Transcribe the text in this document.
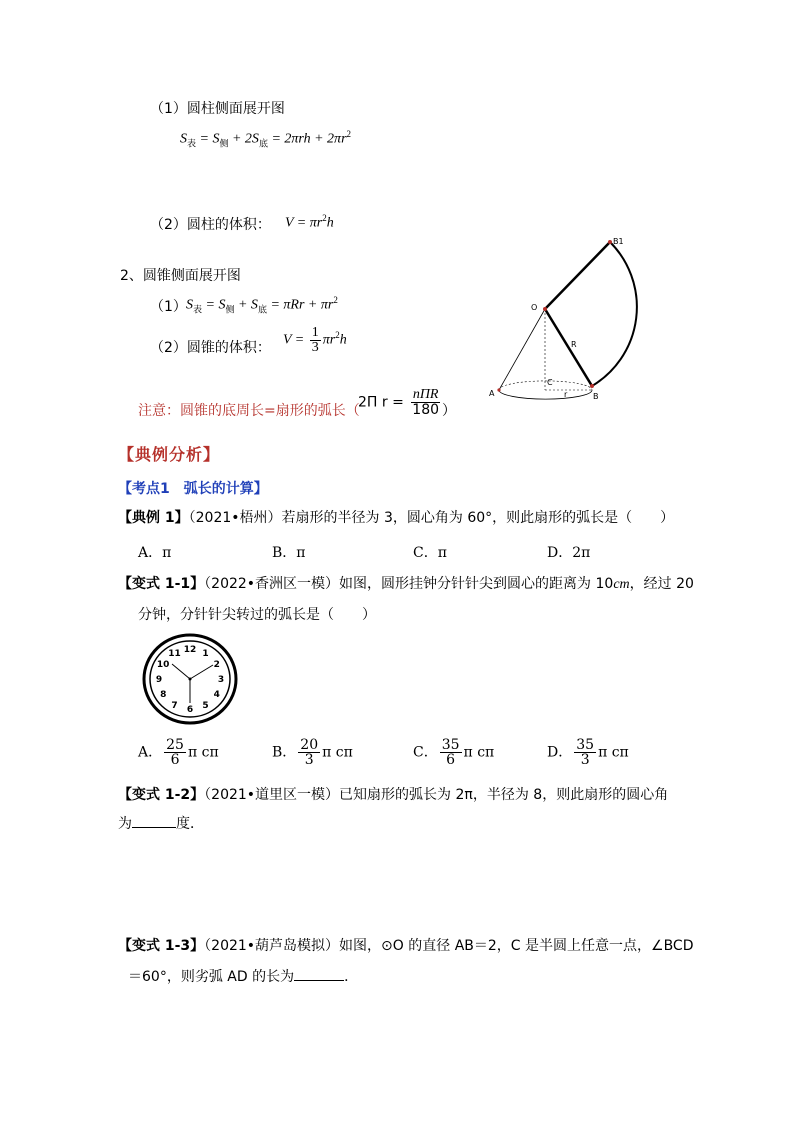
（1）圆柱侧面展开图
$S_表 = S_侧 + 2S_底 = 2\pi rh + 2\pi r^2$
（2）圆柱的体积： $V = \pi r^2h$
2、圆锥侧面展开图
（1） $S_表 = S_侧 + S_底 = \pi Rr + \pi r^2$
（2）圆锥的体积： $V = \frac{1}{3} \pi r^2h$
B1
O
R
A
C
r	B
注意：圆锥的底周长=扇形的弧长（
2Π $r = \frac{\text{nΠR}}{180}$ ）
【典例分析】
【考点1　弧长的计算】
【典例 1】（2021•梧州）若扇形的半径为 3，圆心角为 60°，则此扇形的弧长是（　　）
A．π	B．π	C．π	D．2π
【变式 1-1】（2022•香洲区一模）如图，圆形挂钟分针针尖到圆心的距离为 10cm，经过 20
分钟，分针针尖转过的弧长是（　　）
12 1
2
3
4
5
6
7
8
9
10
11
A． $\frac{25}{6}$ π cπ	B． $\frac{20}{3}$ π cπ	C． $\frac{35}{6}$ π cπ	D． $\frac{35}{3}$ π cπ
【变式 1-2】（2021•道里区一模）已知扇形的弧长为 2π，半径为 8，则此扇形的圆心角
为	度．
【变式 1-3】（2021•葫芦岛模拟）如图，⊙O 的直径 AB＝2，C 是半圆上任意一点，∠BCD
＝60°，则劣弧 AD 的长为	．
